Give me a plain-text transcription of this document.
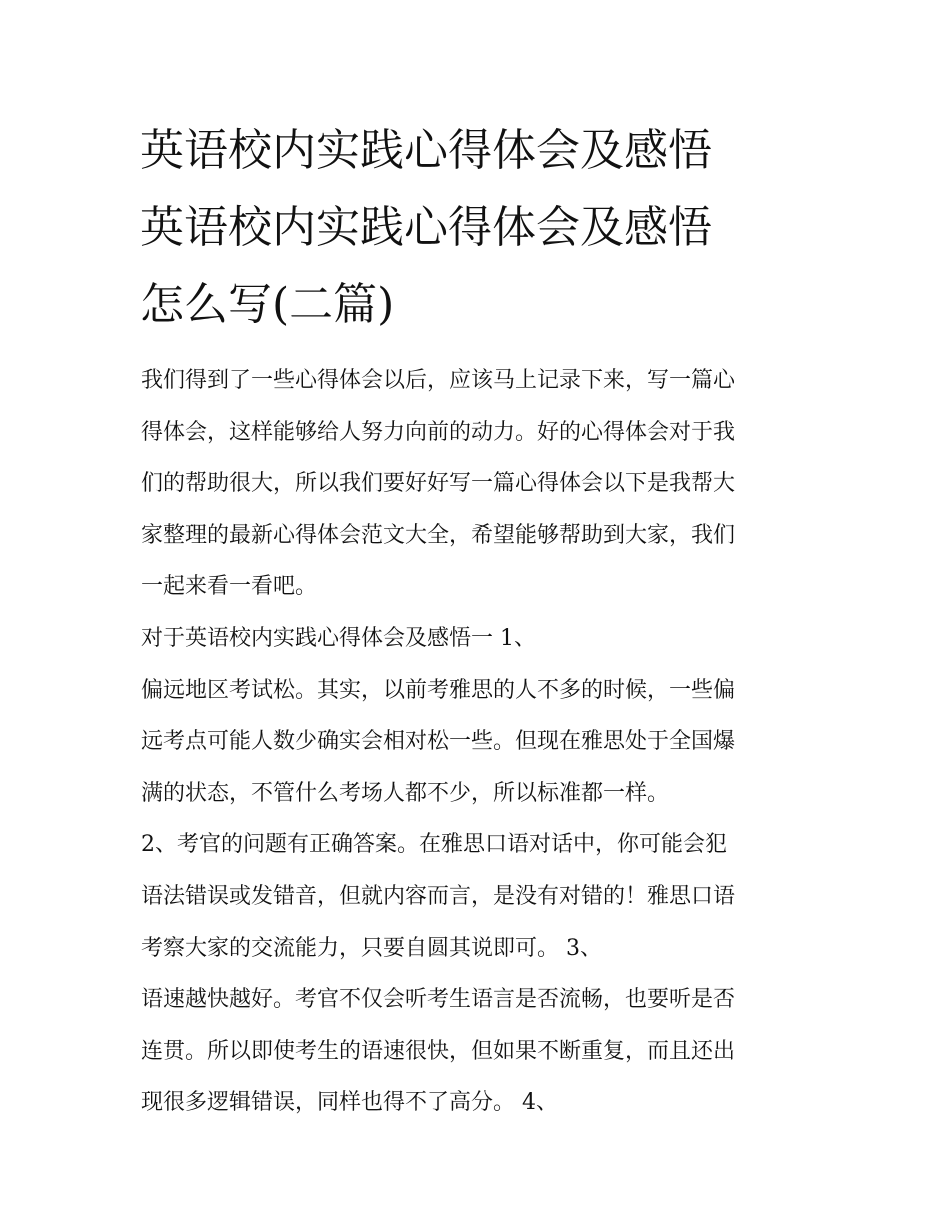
英语校内实践心得体会及感悟
英语校内实践心得体会及感悟
怎么写(二篇)
我们得到了一些心得体会以后，应该马上记录下来，写一篇心
得体会，这样能够给人努力向前的动力。好的心得体会对于我
们的帮助很大，所以我们要好好写一篇心得体会以下是我帮大
家整理的最新心得体会范文大全，希望能够帮助到大家，我们
一起来看一看吧。
对于英语校内实践心得体会及感悟一 1、
偏远地区考试松。其实，以前考雅思的人不多的时候，一些偏
远考点可能人数少确实会相对松一些。但现在雅思处于全国爆
满的状态，不管什么考场人都不少，所以标准都一样。
2、考官的问题有正确答案。在雅思口语对话中，你可能会犯
语法错误或发错音，但就内容而言，是没有对错的！雅思口语
考察大家的交流能力，只要自圆其说即可。 3、
语速越快越好。考官不仅会听考生语言是否流畅，也要听是否
连贯。所以即使考生的语速很快，但如果不断重复，而且还出
现很多逻辑错误，同样也得不了高分。 4、
